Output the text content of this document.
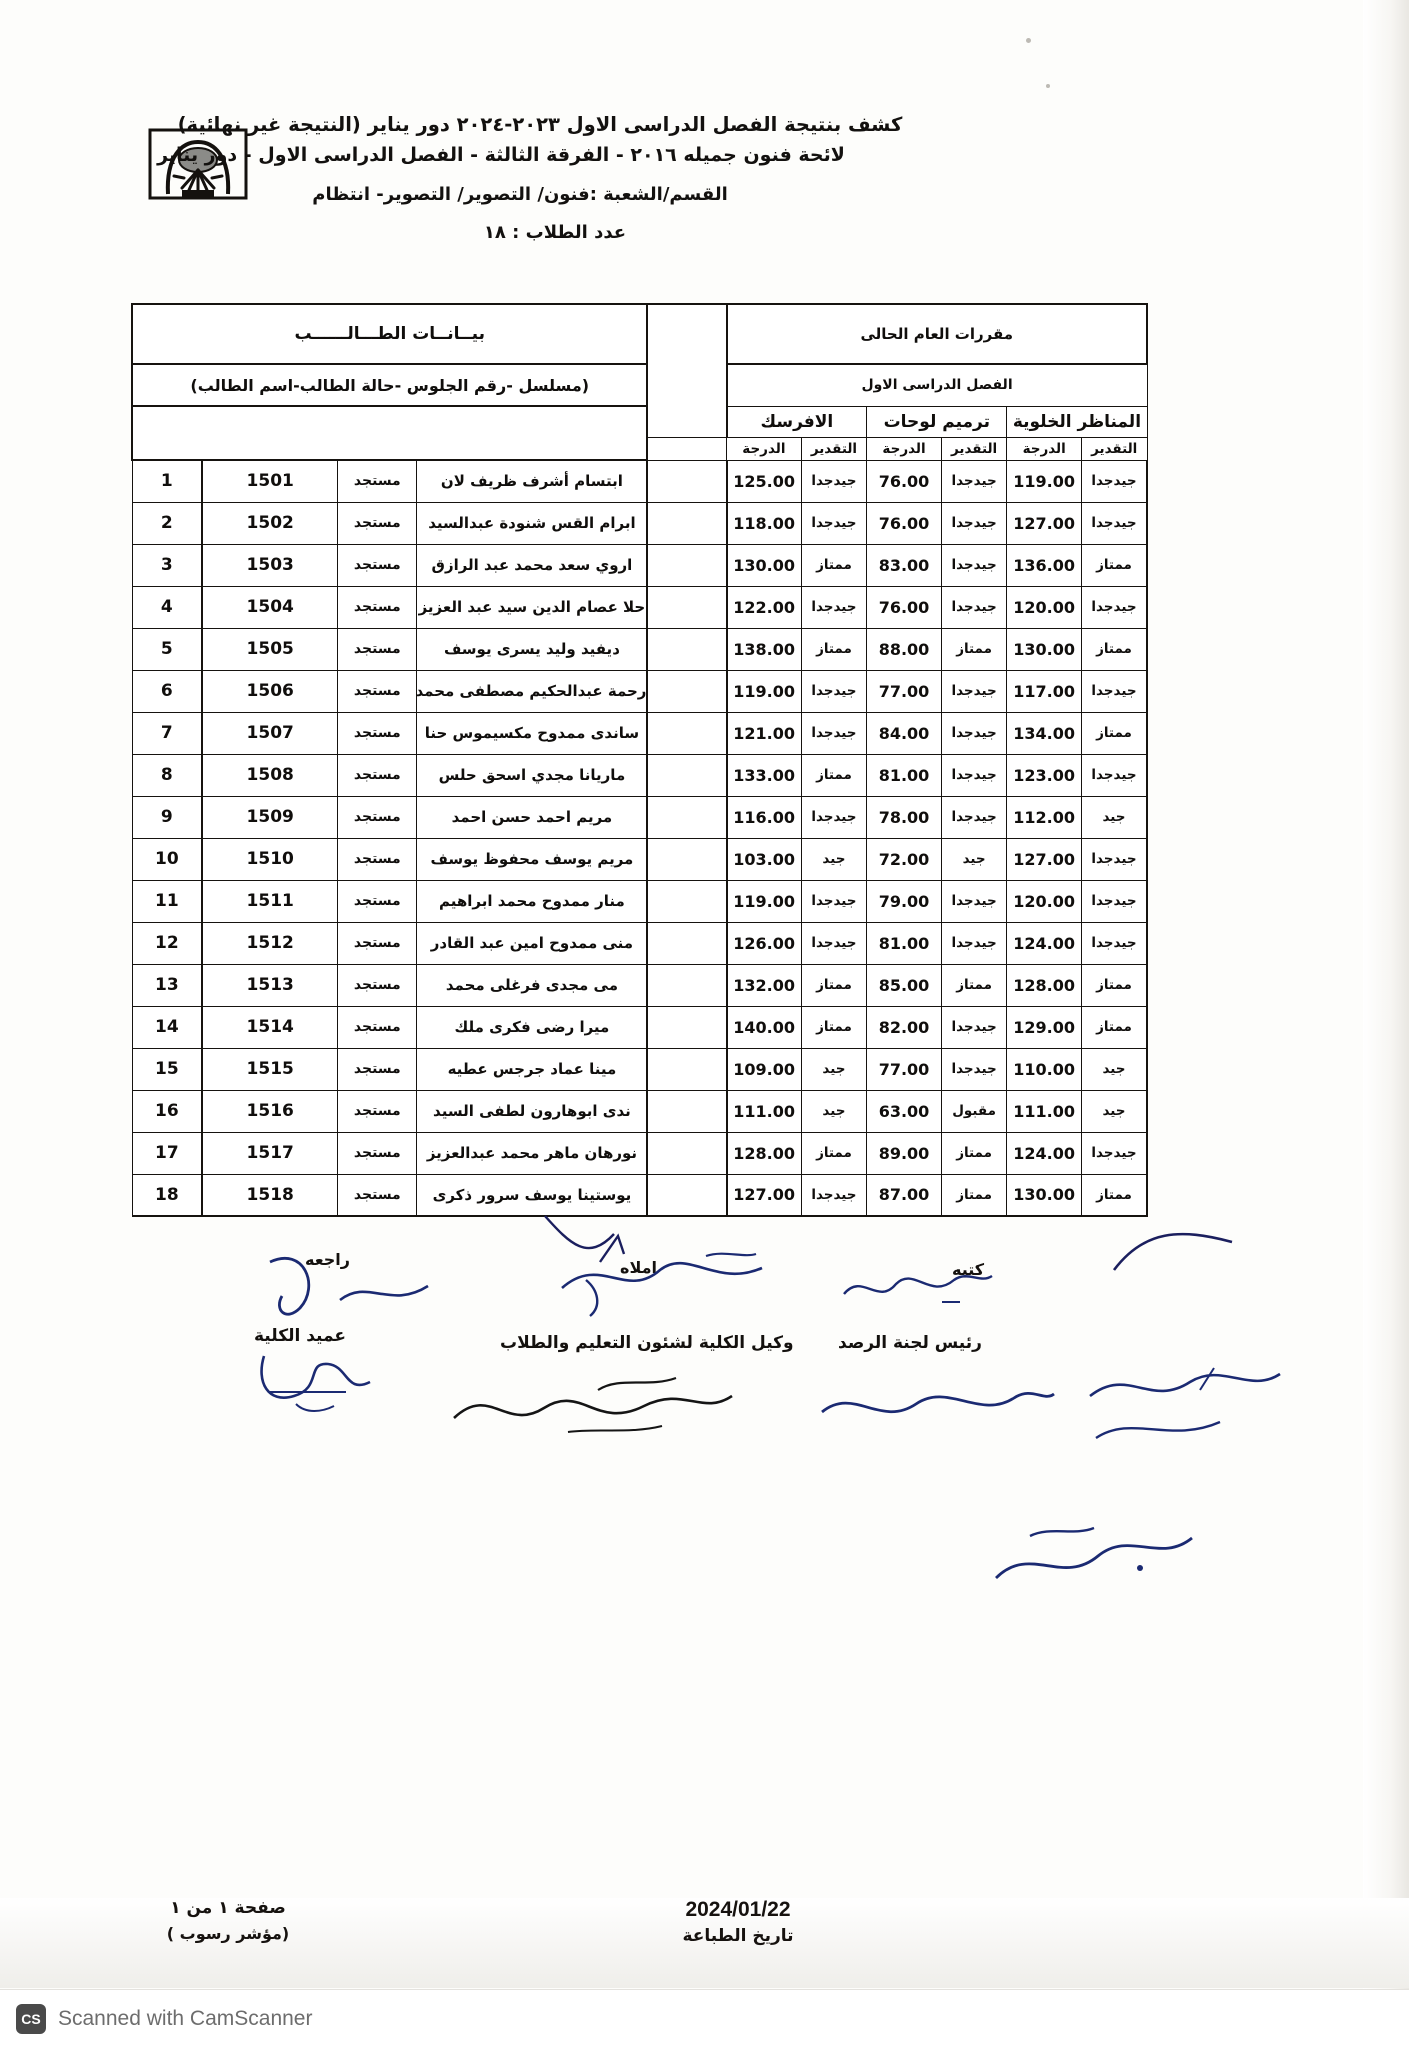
كشف بنتيجة الفصل الدراسى الاول ٢٠٢٣-٢٠٢٤ دور يناير (النتيجة غير نهائية)
لائحة فنون جميله ٢٠١٦ - الفرقة الثالثة - الفصل الدراسى الاول - دور يناير
القسم/الشعبة :فنون/ التصوير/ التصوير- انتظام
عدد الطلاب : ١٨
مقررات العام الحالى							بيــانــات الطـــالــــــب			
الفصل الدراسى الاول							(مسلسل -رقم الجلوس -حالة الطالب-اسم الطالب)			
المناظر الخلوية		ترميم لوحات		الافرسك						
التقدير	الدرجة	التقدير	الدرجة	التقدير	الدرجة					
جيدجدا	119.00	جيدجدا	76.00	جيدجدا	125.00		ابتسام أشرف ظريف لان	مستجد	1501	1
جيدجدا	127.00	جيدجدا	76.00	جيدجدا	118.00		ابرام القس شنودة عبدالسيد	مستجد	1502	2
ممتاز	136.00	جيدجدا	83.00	ممتاز	130.00		اروي سعد محمد عبد الرازق	مستجد	1503	3
جيدجدا	120.00	جيدجدا	76.00	جيدجدا	122.00		حلا عصام الدين سيد عبد العزيز	مستجد	1504	4
ممتاز	130.00	ممتاز	88.00	ممتاز	138.00		ديفيد وليد يسرى يوسف	مستجد	1505	5
جيدجدا	117.00	جيدجدا	77.00	جيدجدا	119.00		رحمة عبدالحكيم مصطفى محمد	مستجد	1506	6
ممتاز	134.00	جيدجدا	84.00	جيدجدا	121.00		ساندى ممدوح مكسيموس حنا	مستجد	1507	7
جيدجدا	123.00	جيدجدا	81.00	ممتاز	133.00		ماريانا مجدي اسحق حلس	مستجد	1508	8
جيد	112.00	جيدجدا	78.00	جيدجدا	116.00		مريم احمد حسن احمد	مستجد	1509	9
جيدجدا	127.00	جيد	72.00	جيد	103.00		مريم يوسف محفوظ يوسف	مستجد	1510	10
جيدجدا	120.00	جيدجدا	79.00	جيدجدا	119.00		منار ممدوح محمد ابراهيم	مستجد	1511	11
جيدجدا	124.00	جيدجدا	81.00	جيدجدا	126.00		منى ممدوح امين عبد القادر	مستجد	1512	12
ممتاز	128.00	ممتاز	85.00	ممتاز	132.00		مى مجدى فرغلى محمد	مستجد	1513	13
ممتاز	129.00	جيدجدا	82.00	ممتاز	140.00		ميرا رضى فكرى ملك	مستجد	1514	14
جيد	110.00	جيدجدا	77.00	جيد	109.00		مينا عماد جرجس عطيه	مستجد	1515	15
جيد	111.00	مقبول	63.00	جيد	111.00		ندى ابوهارون لطفى السيد	مستجد	1516	16
جيدجدا	124.00	ممتاز	89.00	ممتاز	128.00		نورهان ماهر محمد عبدالعزيز	مستجد	1517	17
ممتاز	130.00	ممتاز	87.00	جيدجدا	127.00		يوستينا يوسف سرور ذكرى	مستجد	1518	18
كتبه
املاه
راجعه
رئيس لجنة الرصد
وكيل الكلية لشئون التعليم والطلاب
عميد الكلية
2024/01/22
تاريخ الطباعة
صفحة ١ من ١
(مؤشر رسوب )
CS Scanned with CamScanner
